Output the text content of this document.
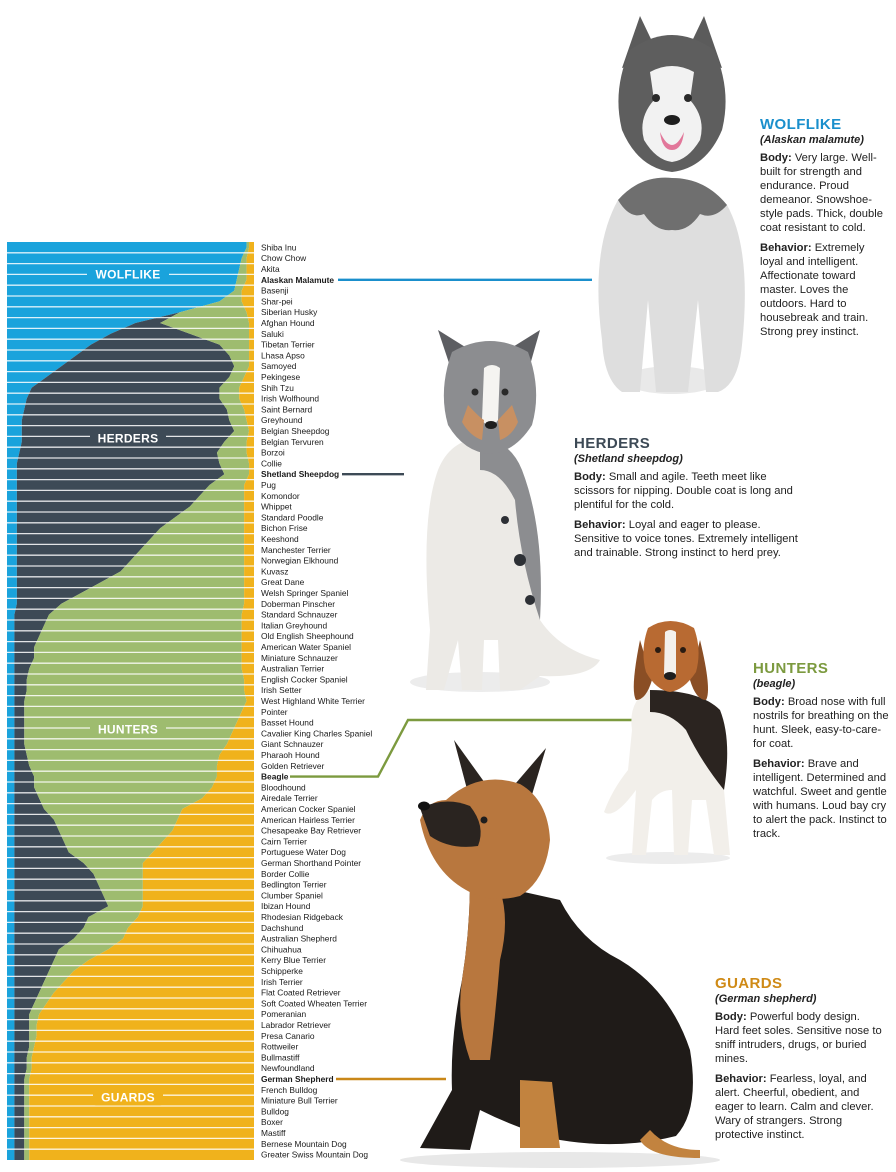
Shiba Inu
Chow Chow
Akita
Alaskan Malamute
Basenji
Shar-pei
Siberian Husky
Afghan Hound
Saluki
Tibetan Terrier
Lhasa Apso
Samoyed
Pekingese
Shih Tzu
Irish Wolfhound
Saint Bernard
Greyhound
Belgian Sheepdog
Belgian Tervuren
Borzoi
Collie
Shetland Sheepdog
Pug
Komondor
Whippet
Standard Poodle
Bichon Frise
Keeshond
Manchester Terrier
Norwegian Elkhound
Kuvasz
Great Dane
Welsh Springer Spaniel
Doberman Pinscher
Standard Schnauzer
Italian Greyhound
Old English Sheephound
American Water Spaniel
Miniature Schnauzer
Australian Terrier
English Cocker Spaniel
Irish Setter
West Highland White Terrier
Pointer
Basset Hound
Cavalier King Charles Spaniel
Giant Schnauzer
Pharaoh Hound
Golden Retriever
Beagle
Bloodhound
Airedale Terrier
American Cocker Spaniel
American Hairless Terrier
Chesapeake Bay Retriever
Cairn Terrier
Portuguese Water Dog
German Shorthand Pointer
Border Collie
Bedlington Terrier
Clumber Spaniel
Ibizan Hound
Rhodesian Ridgeback
Dachshund
Australian Shepherd
Chihuahua
Kerry Blue Terrier
Schipperke
Irish Terrier
Flat Coated Retriever
Soft Coated Wheaten Terrier
Pomeranian
Labrador Retriever
Presa Canario
Rottweiler
Bullmastiff
Newfoundland
German Shepherd
French Bulldog
Miniature Bull Terrier
Bulldog
Boxer
Mastiff
Bernese Mountain Dog
Greater Swiss Mountain Dog
WOLFLIKE
HERDERS
HUNTERS
GUARDS
WOLFLIKE
(Alaskan malamute)

Body: Very large. Well-built for strength and endurance. Proud demeanor. Snowshoe-style pads. Thick, double coat resistant to cold.

Behavior: Extremely loyal and intelligent. Affectionate toward master. Loves the outdoors. Hard to housebreak and train. Strong prey instinct.

HERDERS
(Shetland sheepdog)

Body: Small and agile. Teeth meet like scissors for nipping. Double coat is long and plentiful for the cold.

Behavior: Loyal and eager to please. Sensitive to voice tones. Extremely intelligent and trainable. Strong instinct to herd prey.

HUNTERS
(beagle)

Body: Broad nose with full nostrils for breathing on the hunt. Sleek, easy-to-care-for coat.

Behavior: Brave and intelligent. Determined and watchful. Sweet and gentle with humans. Loud bay cry to alert the pack. Instinct to track.

GUARDS
(German shepherd)

Body: Powerful body design. Hard feet soles. Sensitive nose to sniff intruders, drugs, or buried mines.

Behavior: Fearless, loyal, and alert. Cheerful, obedient, and eager to learn. Calm and clever. Wary of strangers. Strong protective instinct.
